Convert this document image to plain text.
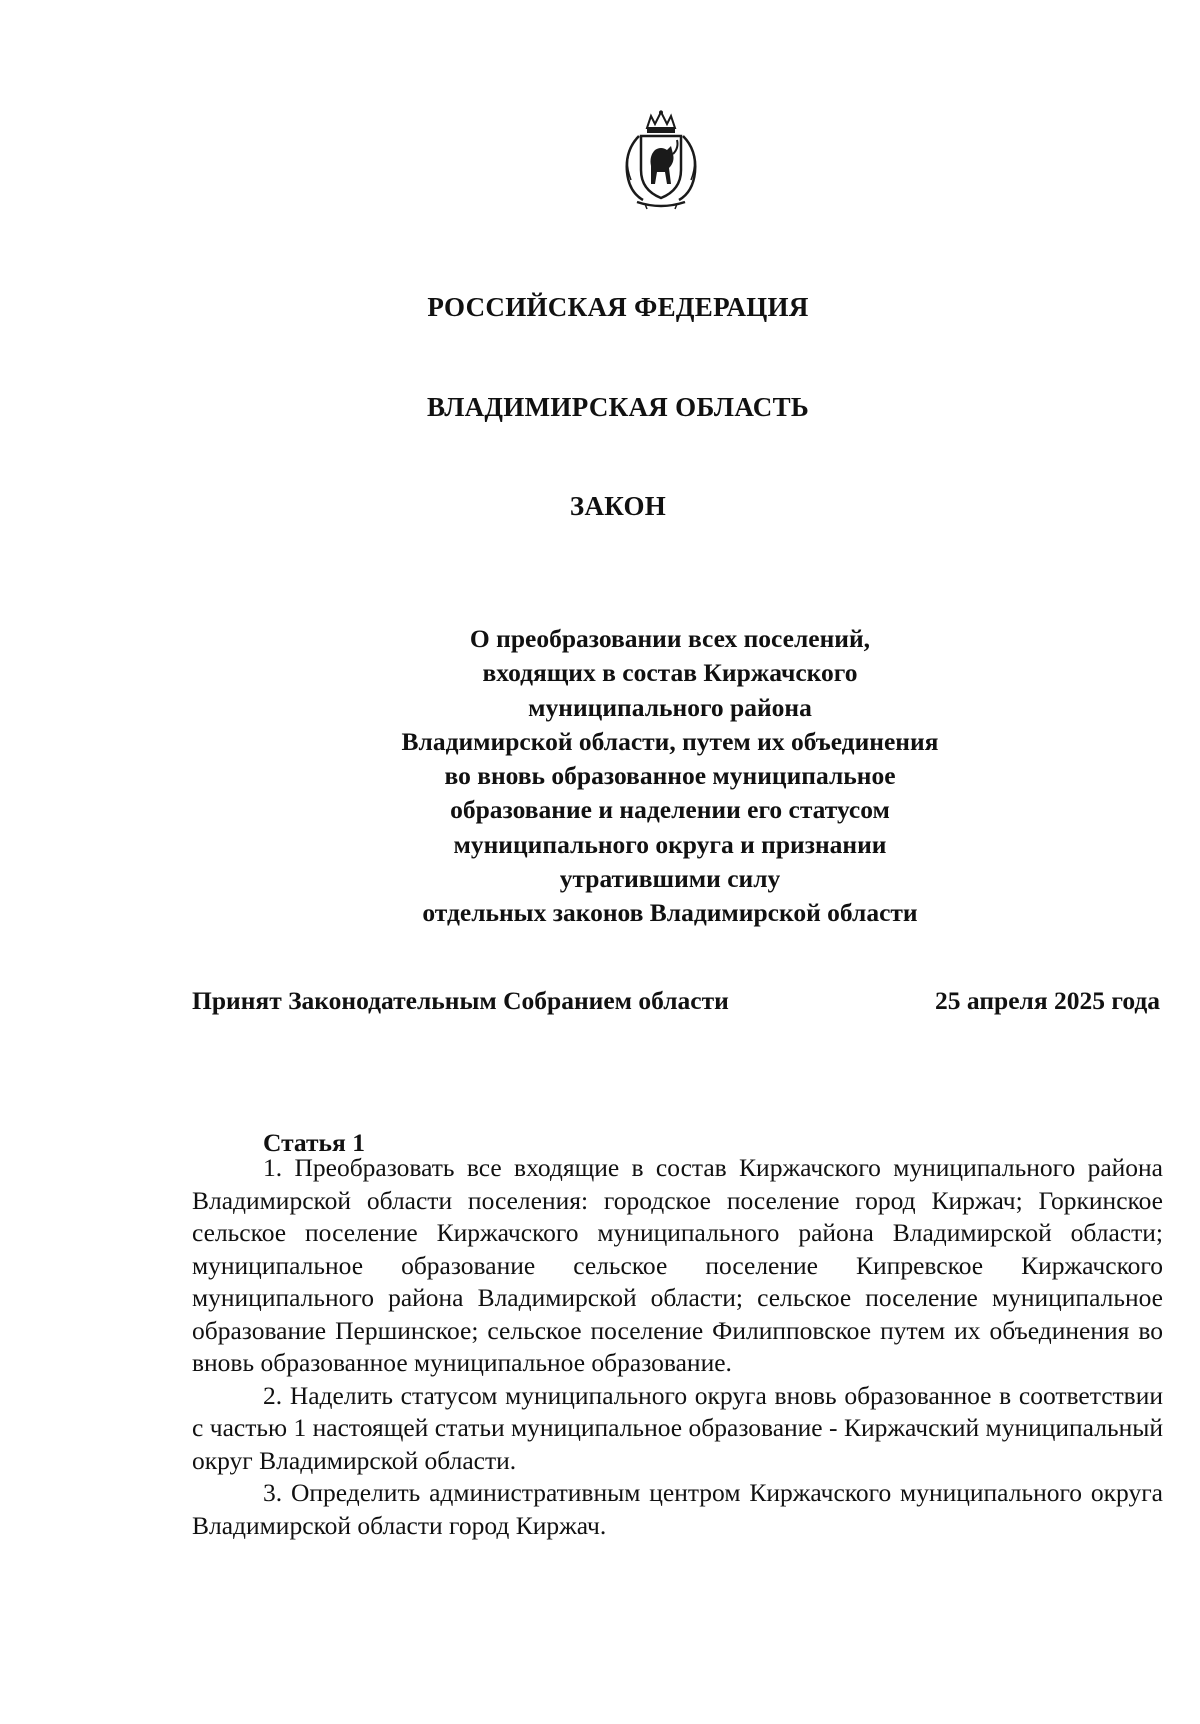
РОССИЙСКАЯ ФЕДЕРАЦИЯ
ВЛАДИМИРСКАЯ ОБЛАСТЬ
ЗАКОН
О преобразовании всех поселений,
входящих в состав Киржачского
муниципального района
Владимирской области, путем их объединения
во вновь образованное муниципальное
образование и наделении его статусом
муниципального округа и признании
утратившими силу
отдельных законов Владимирской области
Принят Законодательным Собранием области	25 апреля 2025 года
Статья 1

1. Преобразовать все входящие в состав Киржачского муниципального района Владимирской области поселения: городское поселение город Киржач; Горкинское сельское поселение Киржачского муниципального района Владимирской области; муниципальное образование сельское поселение Кипревское Киржачского муниципального района Владимирской области; сельское поселение муниципальное образование Першинское; сельское поселение Филипповское путем их объединения во вновь образованное муниципальное образование.

2. Наделить статусом муниципального округа вновь образованное в соответствии с частью 1 настоящей статьи муниципальное образование - Киржачский муниципальный округ Владимирской области.

3. Определить административным центром Киржачского муниципального округа Владимирской области город Киржач.
